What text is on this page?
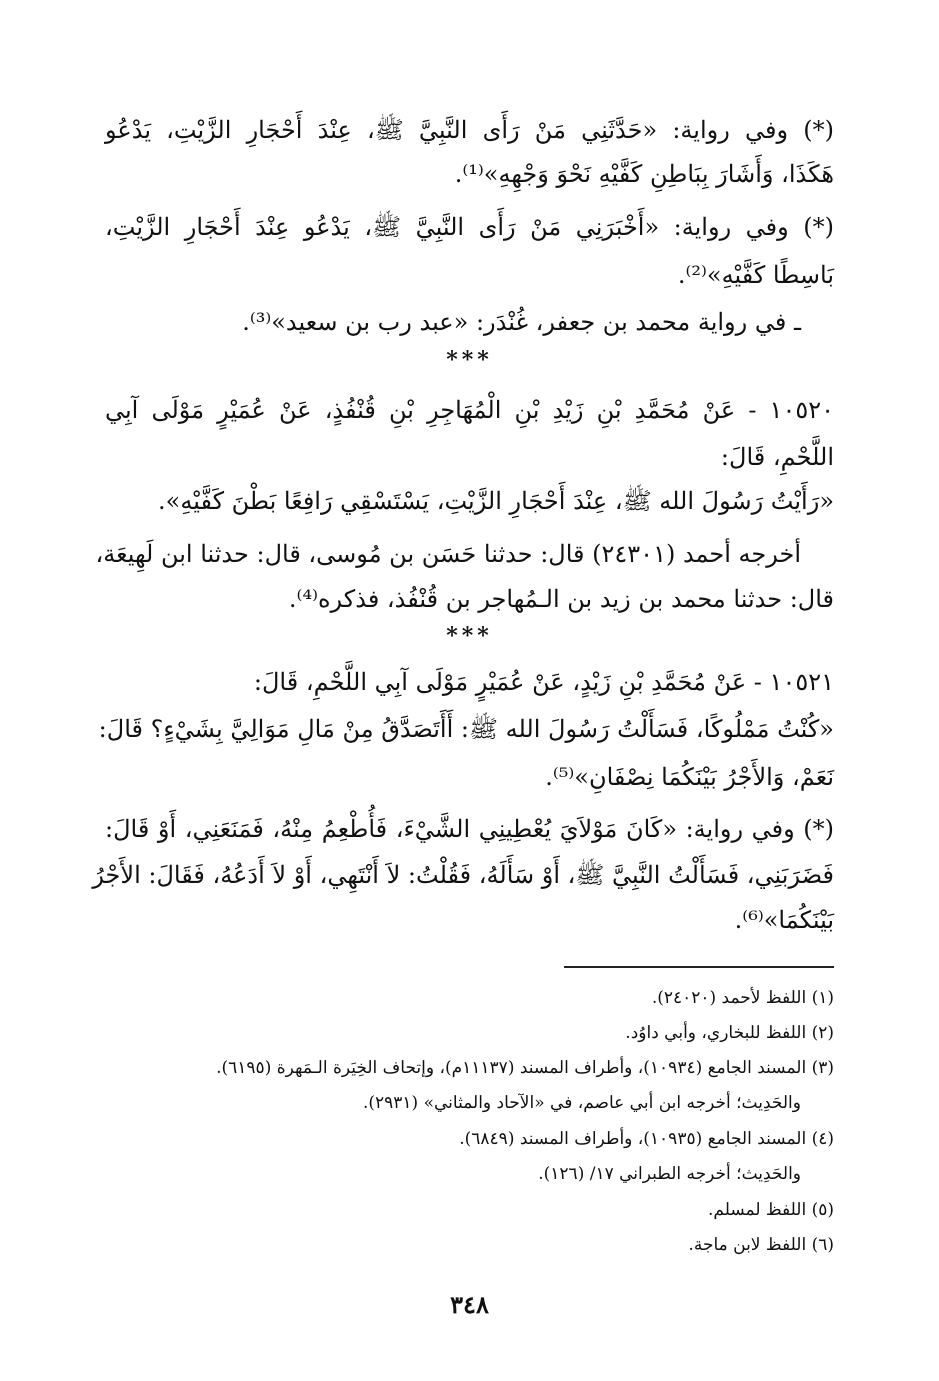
(*) وفي رواية: «حَدَّثَنِي مَنْ رَأَى النَّبِيَّ ﷺ، عِنْدَ أَحْجَارِ الزَّيْتِ، يَدْعُو
هَكَذَا، وَأَشَارَ بِبَاطِنِ كَفَّيْهِ نَحْوَ وَجْهِهِ»⁽¹⁾.
(*) وفي رواية: «أَخْبَرَنِي مَنْ رَأَى النَّبِيَّ ﷺ، يَدْعُو عِنْدَ أَحْجَارِ الزَّيْتِ،
بَاسِطًا كَفَّيْهِ»⁽²⁾.
ـ في رواية محمد بن جعفر، غُنْدَر: «عبد رب بن سعيد»⁽³⁾.
***
١٠٥٢٠ - عَنْ مُحَمَّدِ بْنِ زَيْدِ بْنِ الْمُهَاجِرِ بْنِ قُنْفُذٍ، عَنْ عُمَيْرٍ مَوْلَى آبِي
اللَّحْمِ، قَالَ:
«رَأَيْتُ رَسُولَ الله ﷺ، عِنْدَ أَحْجَارِ الزَّيْتِ، يَسْتَسْقِي رَافِعًا بَطْنَ كَفَّيْهِ».
أخرجه أحمد (٢٤٣٠١) قال: حدثنا حَسَن بن مُوسى، قال: حدثنا ابن لَهِيعَة،
قال: حدثنا محمد بن زيد بن الـمُهاجر بن قُنْفُذ، فذكره⁽⁴⁾.
***
١٠٥٢١ - عَنْ مُحَمَّدِ بْنِ زَيْدٍ، عَنْ عُمَيْرٍ مَوْلَى آبِي اللَّحْمِ، قَالَ:
«كُنْتُ مَمْلُوكًا، فَسَأَلْتُ رَسُولَ الله ﷺ: أَأَتَصَدَّقُ مِنْ مَالِ مَوَالِيَّ بِشَيْءٍ؟ قَالَ:
نَعَمْ، وَالأَجْرُ بَيْنَكُمَا نِصْفَانِ»⁽⁵⁾.
(*) وفي رواية: «كَانَ مَوْلاَيَ يُعْطِينِي الشَّيْءَ، فَأُطْعِمُ مِنْهُ، فَمَنَعَنِي، أَوْ قَالَ:
فَضَرَبَنِي، فَسَأَلْتُ النَّبِيَّ ﷺ، أَوْ سَأَلَهُ، فَقُلْتُ: لاَ أَنْتَهِي، أَوْ لاَ أَدَعُهُ، فَقَالَ: الأَجْرُ
بَيْنَكُمَا»⁽⁶⁾.
(١) اللفظ لأحمد (٢٤٠٢٠).
(٢) اللفظ للبخاري، وأبي داوُد.
(٣) المسند الجامع (١٠٩٣٤)، وأطراف المسند (١١١٣٧م)، وإتحاف الخِيَرة الـمَهرة (٦١٩٥).
والحَدِيث؛ أخرجه ابن أبي عاصم، في «الآحاد والمثاني» (٢٩٣١).
(٤) المسند الجامع (١٠٩٣٥)، وأطراف المسند (٦٨٤٩).
والحَدِيث؛ أخرجه الطبراني ١٧/ (١٢٦).
(٥) اللفظ لمسلم.
(٦) اللفظ لابن ماجة.
٣٤٨
